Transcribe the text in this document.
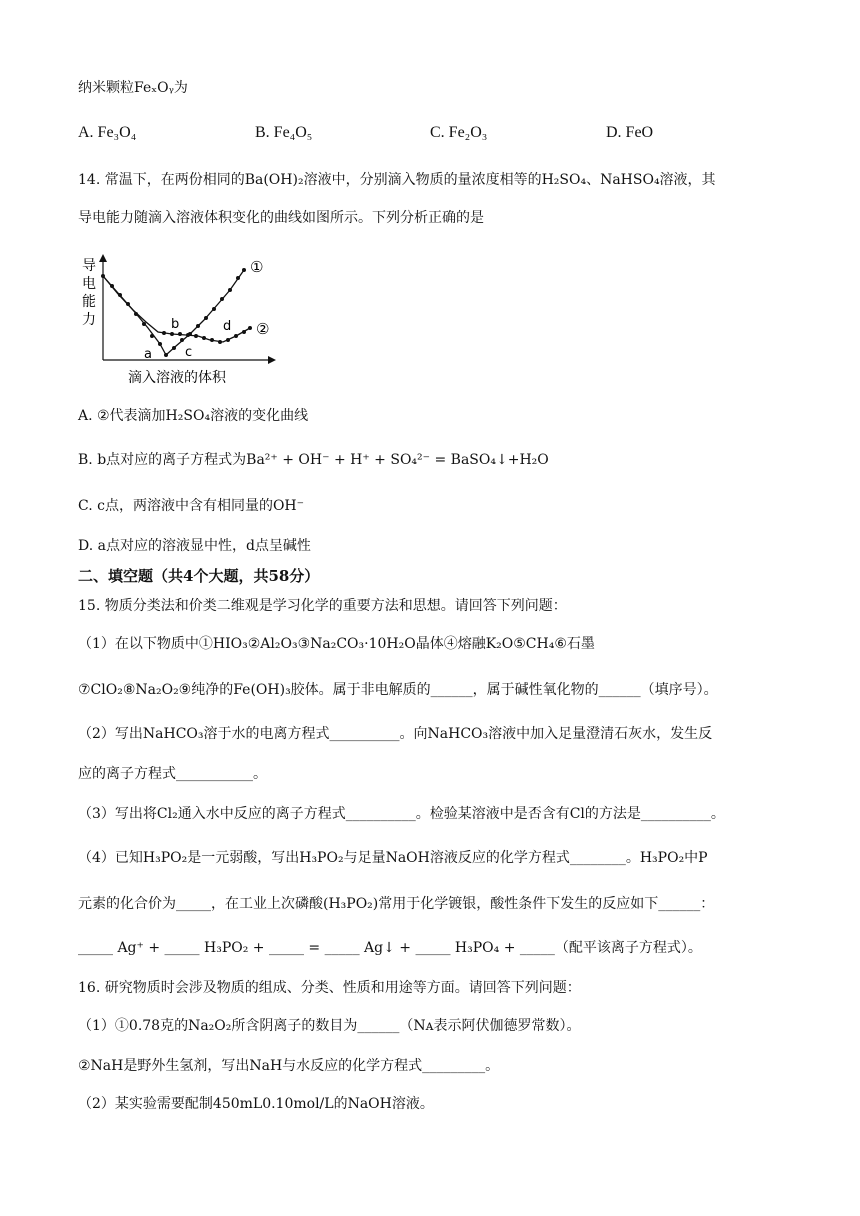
纳米颗粒FeₓOᵧ为
A. Fe₃O₄	B. Fe₄O₅	C. Fe₂O₃	D. FeO
14. 常温下，在两份相同的Ba(OH)₂溶液中，分别滴入物质的量浓度相等的H₂SO₄、NaHSO₄溶液，其
导电能力随滴入溶液体积变化的曲线如图所示。下列分析正确的是
导
电
能
力
a
b
c
d
①
②
滴入溶液的体积
A. ②代表滴加H₂SO₄溶液的变化曲线
B. b点对应的离子方程式为Ba²⁺ + OH⁻ + H⁺ + SO₄²⁻ = BaSO₄↓+H₂O
C. c点，两溶液中含有相同量的OH⁻
D. a点对应的溶液显中性，d点呈碱性
二、填空题（共4个大题，共58分）
15. 物质分类法和价类二维观是学习化学的重要方法和思想。请回答下列问题：
（1）在以下物质中①HIO₃②Al₂O₃③Na₂CO₃·10H₂O晶体④熔融K₂O⑤CH₄⑥石墨
⑦ClO₂⑧Na₂O₂⑨纯净的Fe(OH)₃胶体。属于非电解质的______，属于碱性氧化物的______（填序号）。
（2）写出NaHCO₃溶于水的电离方程式__________。向NaHCO₃溶液中加入足量澄清石灰水，发生反
应的离子方程式___________。
（3）写出将Cl₂通入水中反应的离子方程式__________。检验某溶液中是否含有Cl的方法是__________。
（4）已知H₃PO₂是一元弱酸，写出H₃PO₂与足量NaOH溶液反应的化学方程式________。H₃PO₂中P
元素的化合价为_____，在工业上次磷酸(H₃PO₂)常用于化学镀银，酸性条件下发生的反应如下______：
_____ Ag⁺ + _____ H₃PO₂ + _____ = _____ Ag↓ + _____ H₃PO₄ + _____（配平该离子方程式）。
16. 研究物质时会涉及物质的组成、分类、性质和用途等方面。请回答下列问题：
（1）①0.78克的Na₂O₂所含阴离子的数目为______（Nᴀ表示阿伏伽德罗常数）。
②NaH是野外生氢剂，写出NaH与水反应的化学方程式_________。
（2）某实验需要配制450mL0.10mol/L的NaOH溶液。
